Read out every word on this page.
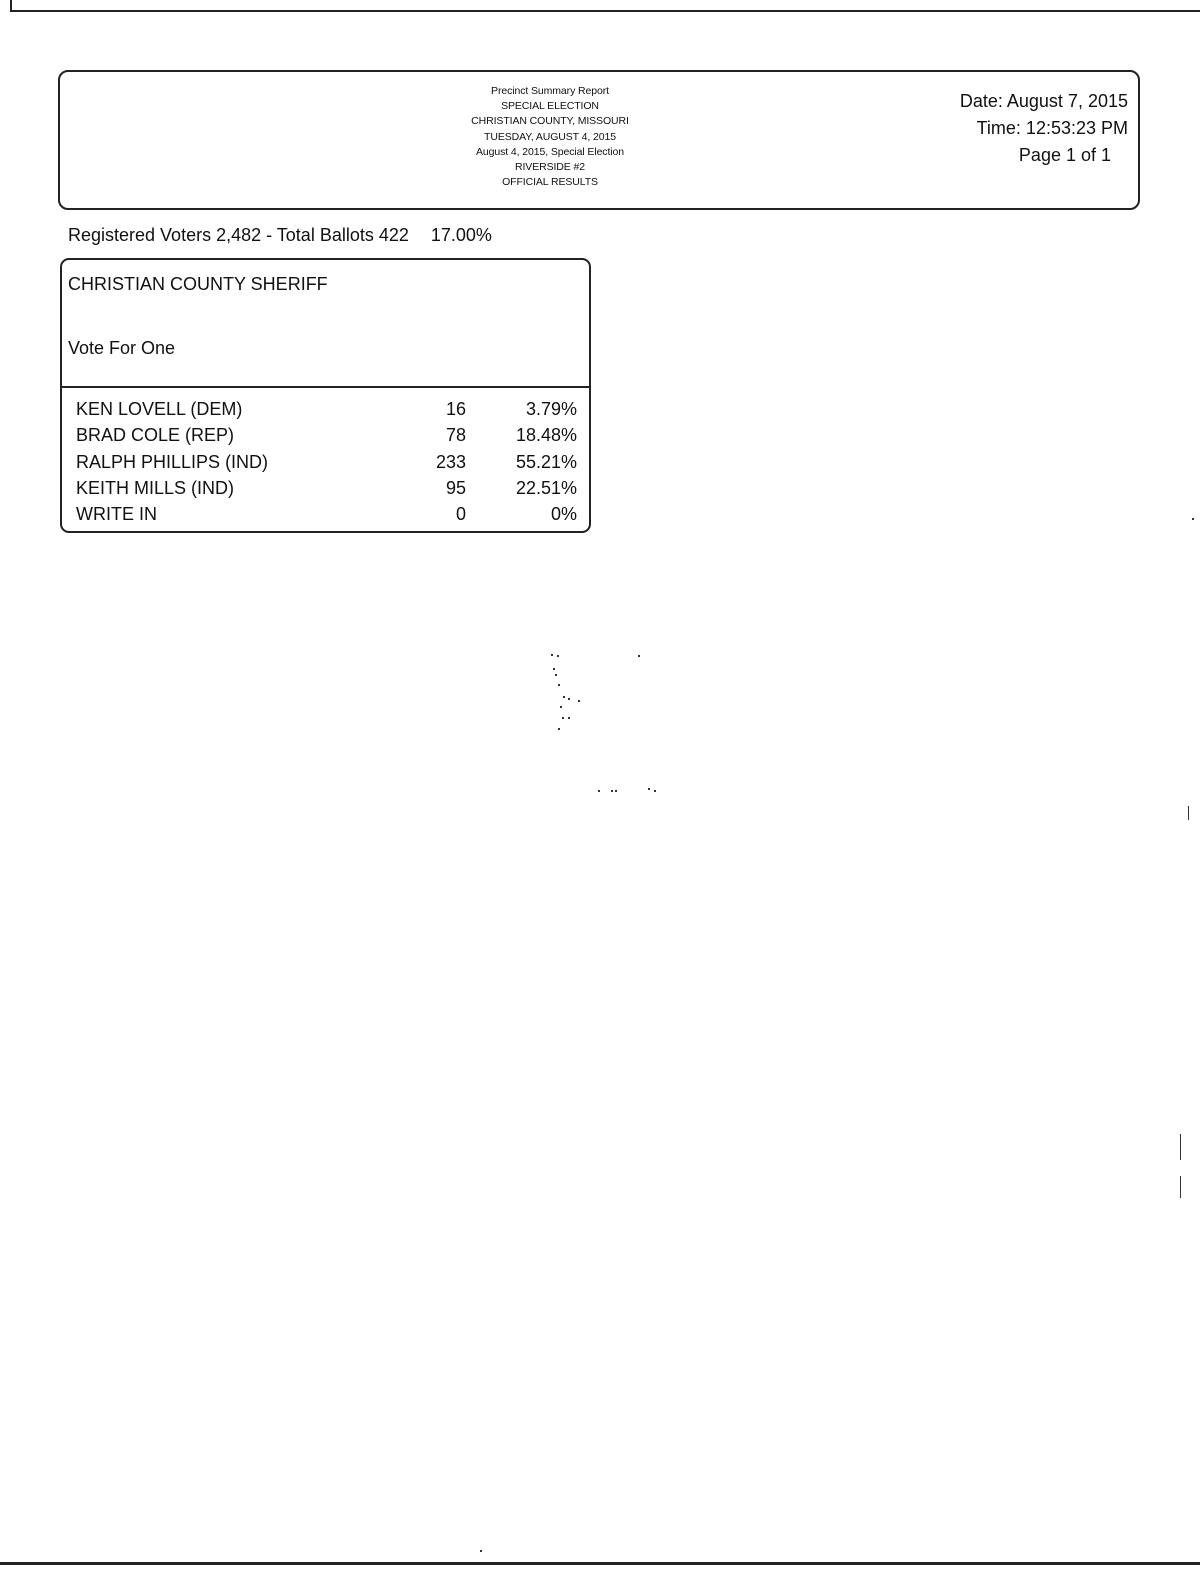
Precinct Summary Report
SPECIAL ELECTION
CHRISTIAN COUNTY, MISSOURI
TUESDAY, AUGUST 4, 2015
August 4, 2015, Special Election
RIVERSIDE #2
OFFICIAL RESULTS
Date: August 7, 2015
Time: 12:53:23 PM
Page 1 of 1
Registered Voters 2,482 - Total Ballots 422 17.00%
CHRISTIAN COUNTY SHERIFF
Vote For One
KEN LOVELL (DEM)	16	3.79%
BRAD COLE (REP)	78	18.48%
RALPH PHILLIPS (IND)	233	55.21%
KEITH MILLS (IND)	95	22.51%
WRITE IN	0	0%
